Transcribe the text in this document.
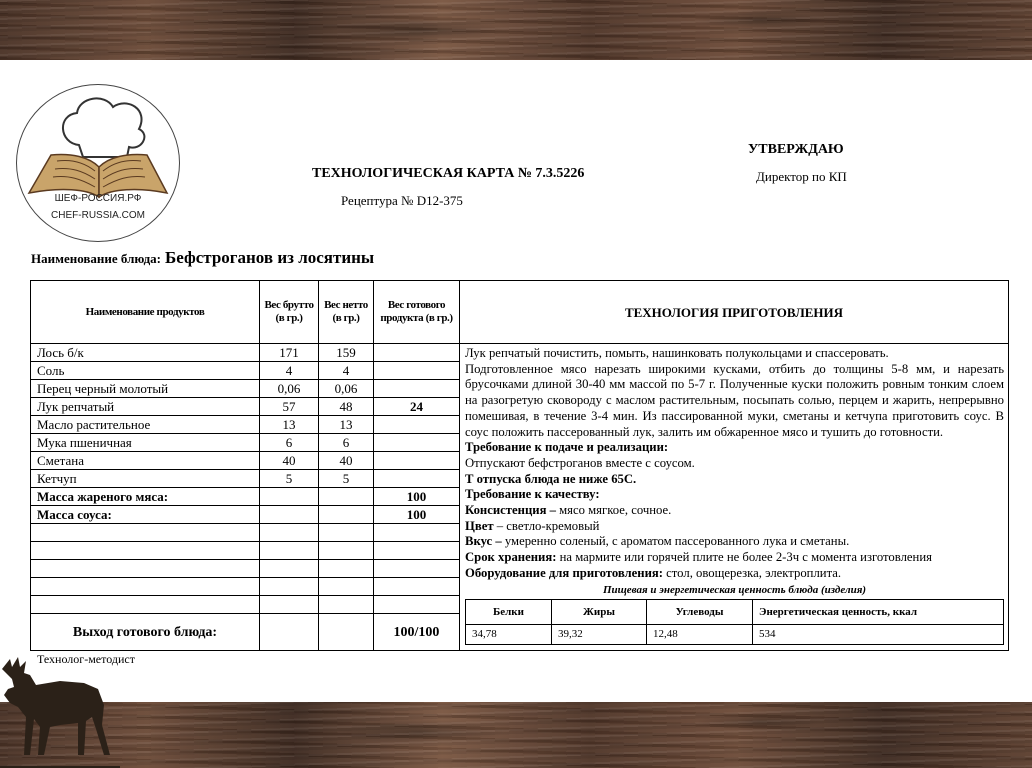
ШЕФ-РОССИЯ.РФ
CHEF-RUSSIA.COM
ТЕХНОЛОГИЧЕСКАЯ КАРТА № 7.3.5226
Рецептура № D12-375
УТВЕРЖДАЮ
Директор по КП
Наименование блюда: Бефстроганов из лосятины
Наименование продуктов	Вес брутто (в гр.)	Вес нетто (в гр.)	Вес готового продукта (в гр.)	ТЕХНОЛОГИЯ ПРИГОТОВЛЕНИЯ
Лось б/к	171	159		Лук репчатый почистить, помыть, нашинковать полукольцами и спассеровать.

Подготовленное мясо нарезать широкими кусками, отбить до толщины 5-8 мм, и нарезать брусочками длиной 30-40 мм массой по 5-7 г. Полученные куски положить ровным тонким слоем на разогретую сковороду с маслом растительным, посыпать солью, перцем и жарить, непрерывно помешивая, в течение 3-4 мин. Из пассированной муки, сметаны и кетчупа приготовить соус. В соус положить пассерованный лук, залить им обжаренное мясо и тушить до готовности.

Требование к подаче и реализации:

Отпускают бефстроганов вместе с соусом.

Т отпуска блюда не ниже 65С.

Требование к качеству:

Консистенция – мясо мягкое, сочное.

Цвет – светло-кремовый

Вкус – умеренно соленый, с ароматом пассерованного лука и сметаны.

Срок хранения: на мармите или горячей плите не более 2-3ч с момента изготовления

Оборудование для приготовления: стол, овощерезка, электроплита.

Пищевая и энергетическая ценность блюда (изделия)
Белки	Жиры	Углеводы	Энергетическая ценность, ккал
34,78	39,32	12,48	534

Соль	4	4	
Перец черный молотый	0,06	0,06	
Лук репчатый	57	48	24
Масло растительное	13	13	
Мука пшеничная	6	6	
Сметана	40	40	
Кетчуп	5	5	
Масса жареного мяса:			100
Масса соуса:			100

Выход готового блюда:			100/100
Технолог-методист
